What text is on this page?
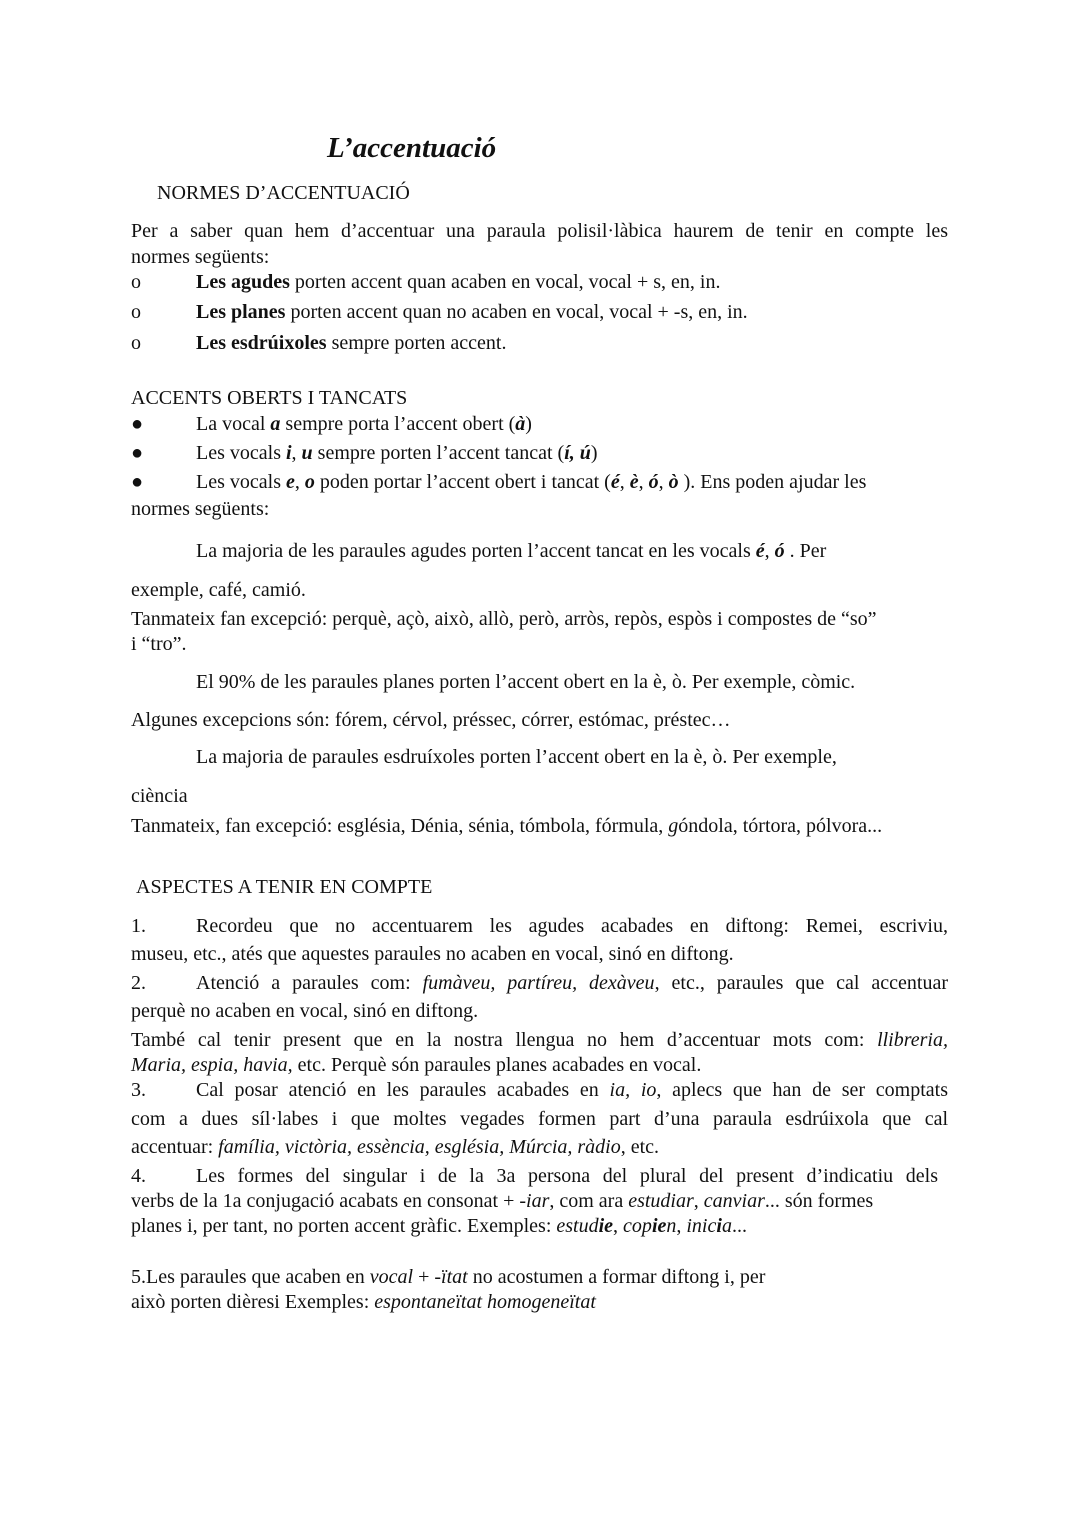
L’accentuació
NORMES D’ACCENTUACIÓ
Per a saber quan hem d’accentuar una paraula polisil·làbica haurem de tenir en compte les
normes següents:
o	Les agudes porten accent quan acaben en vocal, vocal + s, en, in.
o	Les planes porten accent quan no acaben en vocal, vocal + -s, en, in.
o	Les esdrúixoles sempre porten accent.
ACCENTS OBERTS I TANCATS
●	La vocal a sempre porta l’accent obert (à)
●	Les vocals i, u sempre porten l’accent tancat (í, ú)
●	Les vocals e, o poden portar l’accent obert i tancat (é, è, ó, ò ). Ens poden ajudar les
normes següents:
La majoria de les paraules agudes porten l’accent tancat en les vocals é, ó . Per
exemple, café, camió.
Tanmateix fan excepció: perquè, açò, això, allò, però, arròs, repòs, espòs i compostes de “so”
i “tro”.
El 90% de les paraules planes porten l’accent obert en la è, ò. Per exemple, còmic.
Algunes excepcions són: fórem, cérvol, préssec, córrer, estómac, préstec…
La majoria de paraules esdruíxoles porten l’accent obert en la è, ò. Per exemple,
ciència
Tanmateix, fan excepció: església, Dénia, sénia, tómbola, fórmula, góndola, tórtora, pólvora...
ASPECTES A TENIR EN COMPTE
1.	Recordeu que no accentuarem les agudes acabades en diftong: Remei, escriviu,
museu, etc., atés que aquestes paraules no acaben en vocal, sinó en diftong.
2.	Atenció a paraules com: fumàveu, partíreu, dexàveu, etc., paraules que cal accentuar
perquè no acaben en vocal, sinó en diftong.
També cal tenir present que en la nostra llengua no hem d’accentuar mots com: llibreria,
Maria, espia, havia, etc. Perquè són paraules planes acabades en vocal.
3.	Cal posar atenció en les paraules acabades en ia, io, aplecs que han de ser comptats
com a dues síl·labes i que moltes vegades formen part d’una paraula esdrúixola que cal
accentuar: família, victòria, essència, església, Múrcia, ràdio, etc.
4.	Les formes del singular i de la 3a persona del plural del present d’indicatiu dels
verbs de la 1a conjugació acabats en consonat + -iar, com ara estudiar, canviar... són formes
planes i, per tant, no porten accent gràfic. Exemples: estudie, copien, inicia...
5.Les paraules que acaben en vocal + -ïtat no acostumen a formar diftong i, per
això porten dièresi Exemples: espontaneïtat homogeneïtat
